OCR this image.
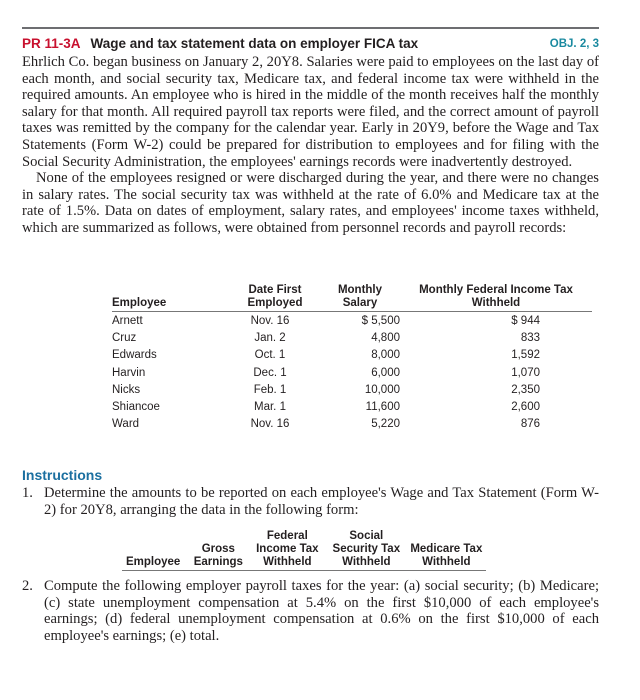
PR 11-3A Wage and tax statement data on employer FICA tax	OBJ. 2, 3

Ehrlich Co. began business on January 2, 20Y8. Salaries were paid to employees on the last day of each month, and social security tax, Medicare tax, and federal income tax were withheld in the required amounts. An employee who is hired in the middle of the month receives half the monthly salary for that month. All required payroll tax reports were filed, and the correct amount of payroll taxes was remitted by the company for the calendar year. Early in 20Y9, before the Wage and Tax Statements (Form W-2) could be prepared for distribution to employees and for filing with the Social Security Administration, the employees' earnings records were inadvertently destroyed.

None of the employees resigned or were discharged during the year, and there were no changes in salary rates. The social security tax was withheld at the rate of 6.0% and Medicare tax at the rate of 1.5%. Data on dates of employment, salary rates, and employees' income taxes withheld, which are summarized as follows, were obtained from personnel records and payroll records:

Employee	Date First Employed	Monthly Salary	Monthly Federal Income Tax Withheld
Arnett	Nov. 16	$ 5,500	$ 944
Cruz	Jan. 2	4,800	833
Edwards	Oct. 1	8,000	1,592
Harvin	Dec. 1	6,000	1,070
Nicks	Feb. 1	10,000	2,350
Shiancoe	Mar. 1	11,600	2,600
Ward	Nov. 16	5,220	876
Instructions
1. Determine the amounts to be reported on each employee's Wage and Tax Statement (Form W-2) for 20Y8, arranging the data in the following form:
Employee	Gross Earnings	Federal Income Tax Withheld	Social Security Tax Withheld	Medicare Tax Withheld
2. Compute the following employer payroll taxes for the year: (a) social security; (b) Medicare; (c) state unemployment compensation at 5.4% on the first $10,000 of each employee's earnings; (d) federal unemployment compensation at 0.6% on the first $10,000 of each employee's earnings; (e) total.
